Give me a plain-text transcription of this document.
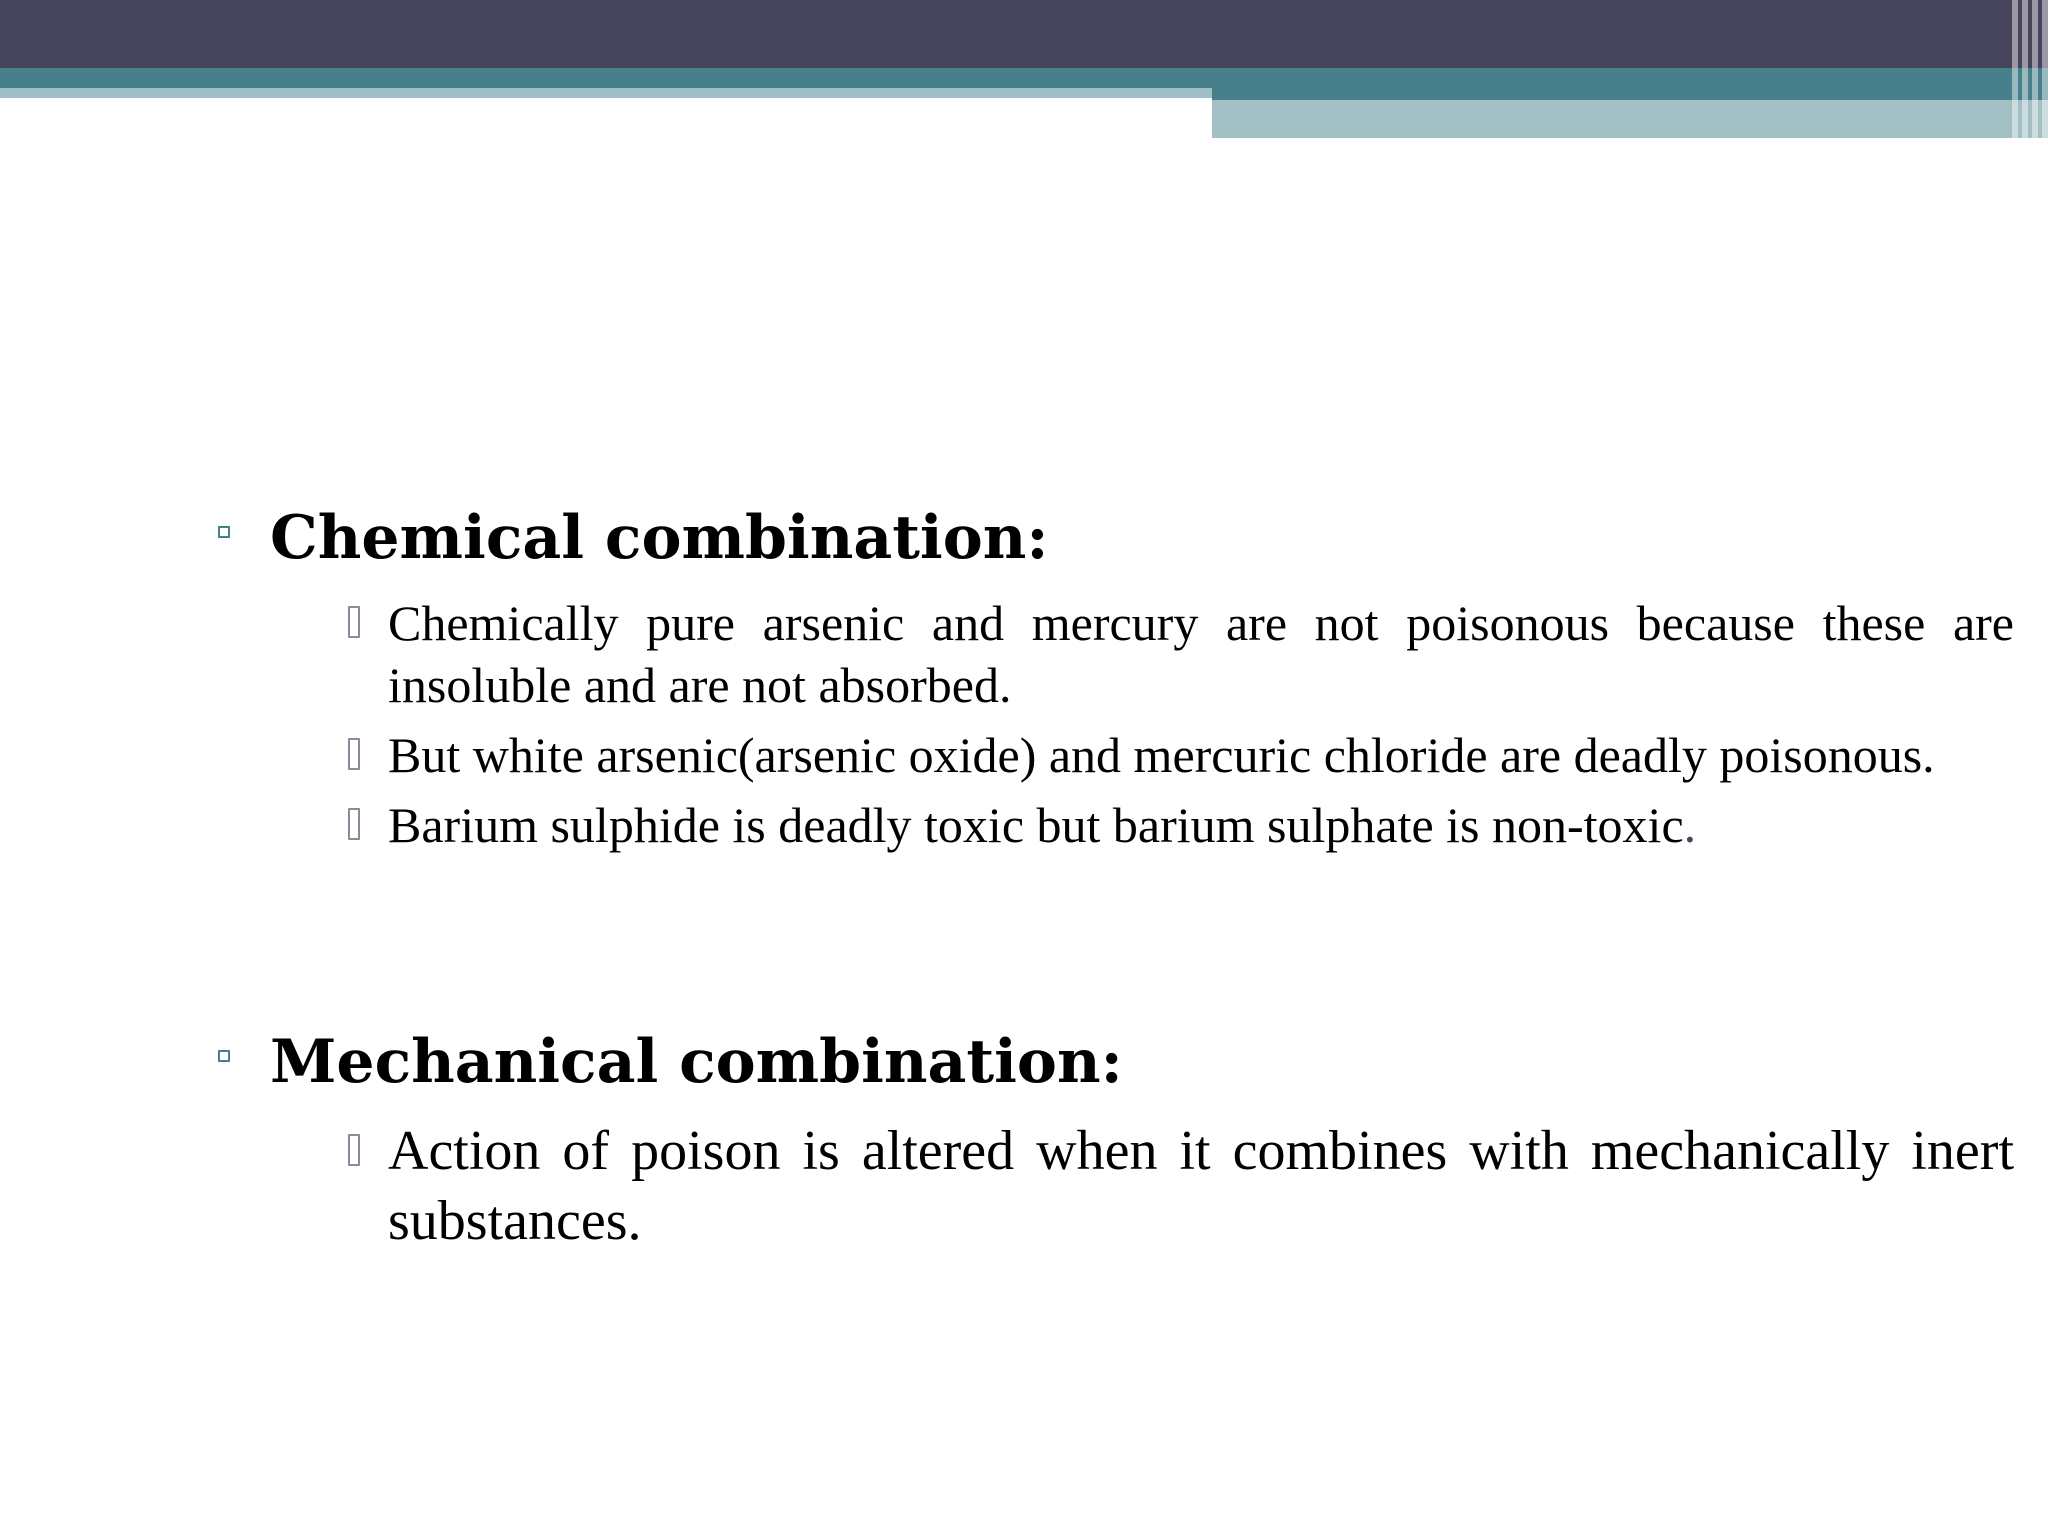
Chemical combination:
Chemically pure arsenic and mercury are not poisonous because these are insoluble and are not absorbed.
But white arsenic(arsenic oxide) and mercuric chloride are deadly poisonous.
Barium sulphide is deadly toxic but barium sulphate is non-toxic.
Mechanical combination:
Action of poison is altered when it combines with mechanically inert substances.
